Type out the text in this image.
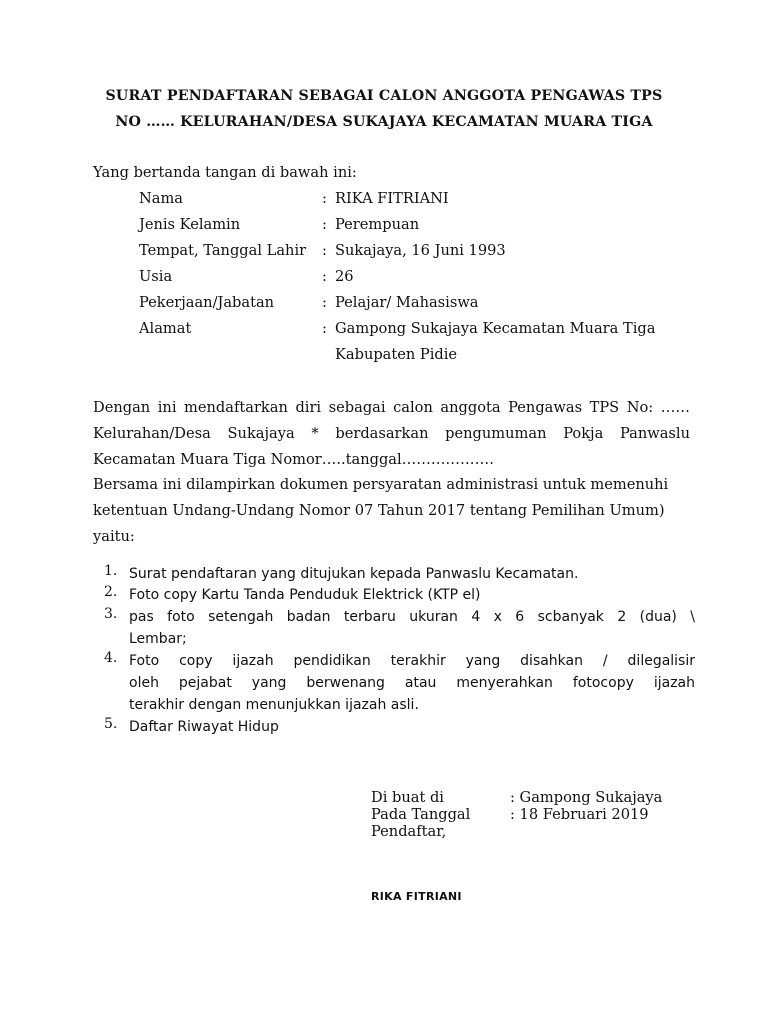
SURAT PENDAFTARAN SEBAGAI CALON ANGGOTA PENGAWAS TPS
NO …… KELURAHAN/DESA SUKAJAYA KECAMATAN MUARA TIGA
Yang bertanda tangan di bawah ini:
Nama	: RIKA FITRIANI
Jenis Kelamin	: Perempuan
Tempat, Tanggal Lahir : Sukajaya, 16 Juni 1993
Usia	: 26
Pekerjaan/Jabatan	: Pelajar/ Mahasiswa
Alamat	: Gampong Sukajaya Kecamatan Muara Tiga
Kabupaten Pidie
Dengan ini mendaftarkan diri sebagai calon anggota Pengawas TPS No: ……
Kelurahan/Desa Sukajaya * berdasarkan pengumuman Pokja Panwaslu
Kecamatan Muara Tiga Nomor…..tanggal……………….
Bersama ini dilampirkan dokumen persyaratan administrasi untuk memenuhi
ketentuan Undang-Undang Nomor 07 Tahun 2017 tentang Pemilihan Umum)
yaitu:
1. Surat pendaftaran yang ditujukan kepada Panwaslu Kecamatan.
2. Foto copy Kartu Tanda Penduduk Elektrick (KTP el)
3. pas foto setengah badan terbaru ukuran 4 x 6 scbanyak 2 (dua) \
Lembar;
4. Foto copy ijazah pendidikan terakhir yang disahkan / dilegalisir
oleh pejabat yang berwenang atau menyerahkan fotocopy ijazah
terakhir dengan menunjukkan ijazah asli.
5. Daftar Riwayat Hidup
Di buat di	: Gampong Sukajaya
Pada Tanggal	: 18 Februari 2019
Pendaftar,
RIKA FITRIANI
